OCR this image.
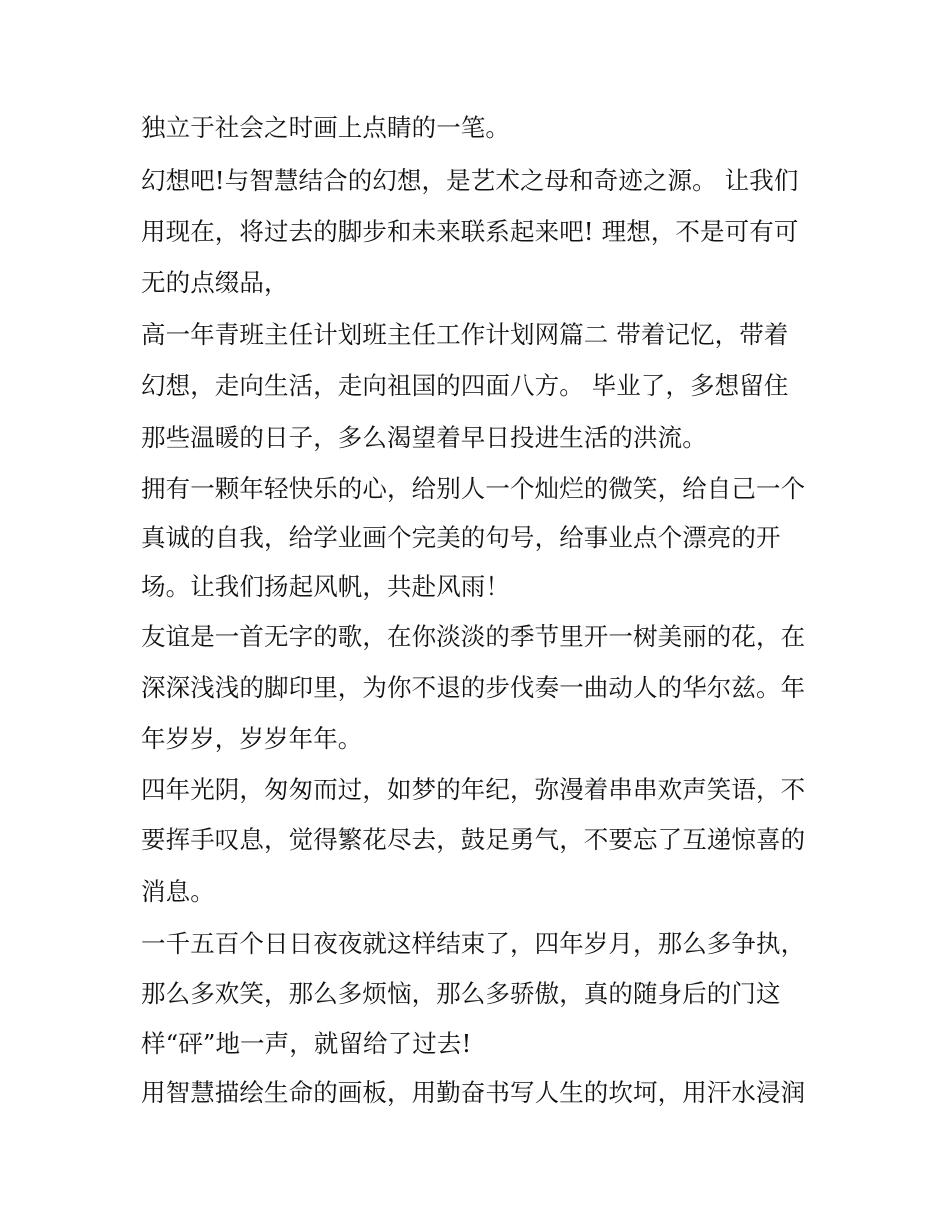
独立于社会之时画上点睛的一笔。
幻想吧!与智慧结合的幻想，是艺术之母和奇迹之源。 让我们
用现在，将过去的脚步和未来联系起来吧! 理想，不是可有可
无的点缀品，
高一年青班主任计划班主任工作计划网篇二 带着记忆，带着
幻想，走向生活，走向祖国的四面八方。 毕业了，多想留住
那些温暖的日子，多么渴望着早日投进生活的洪流。
拥有一颗年轻快乐的心，给别人一个灿烂的微笑，给自己一个
真诚的自我，给学业画个完美的句号，给事业点个漂亮的开
场。让我们扬起风帆，共赴风雨！
友谊是一首无字的歌，在你淡淡的季节里开一树美丽的花，在
深深浅浅的脚印里，为你不退的步伐奏一曲动人的华尔兹。年
年岁岁，岁岁年年。
四年光阴，匆匆而过，如梦的年纪，弥漫着串串欢声笑语，不
要挥手叹息，觉得繁花尽去，鼓足勇气，不要忘了互递惊喜的
消息。
一千五百个日日夜夜就这样结束了，四年岁月，那么多争执，
那么多欢笑，那么多烦恼，那么多骄傲，真的随身后的门这
样“砰”地一声，就留给了过去!
用智慧描绘生命的画板，用勤奋书写人生的坎坷，用汗水浸润
